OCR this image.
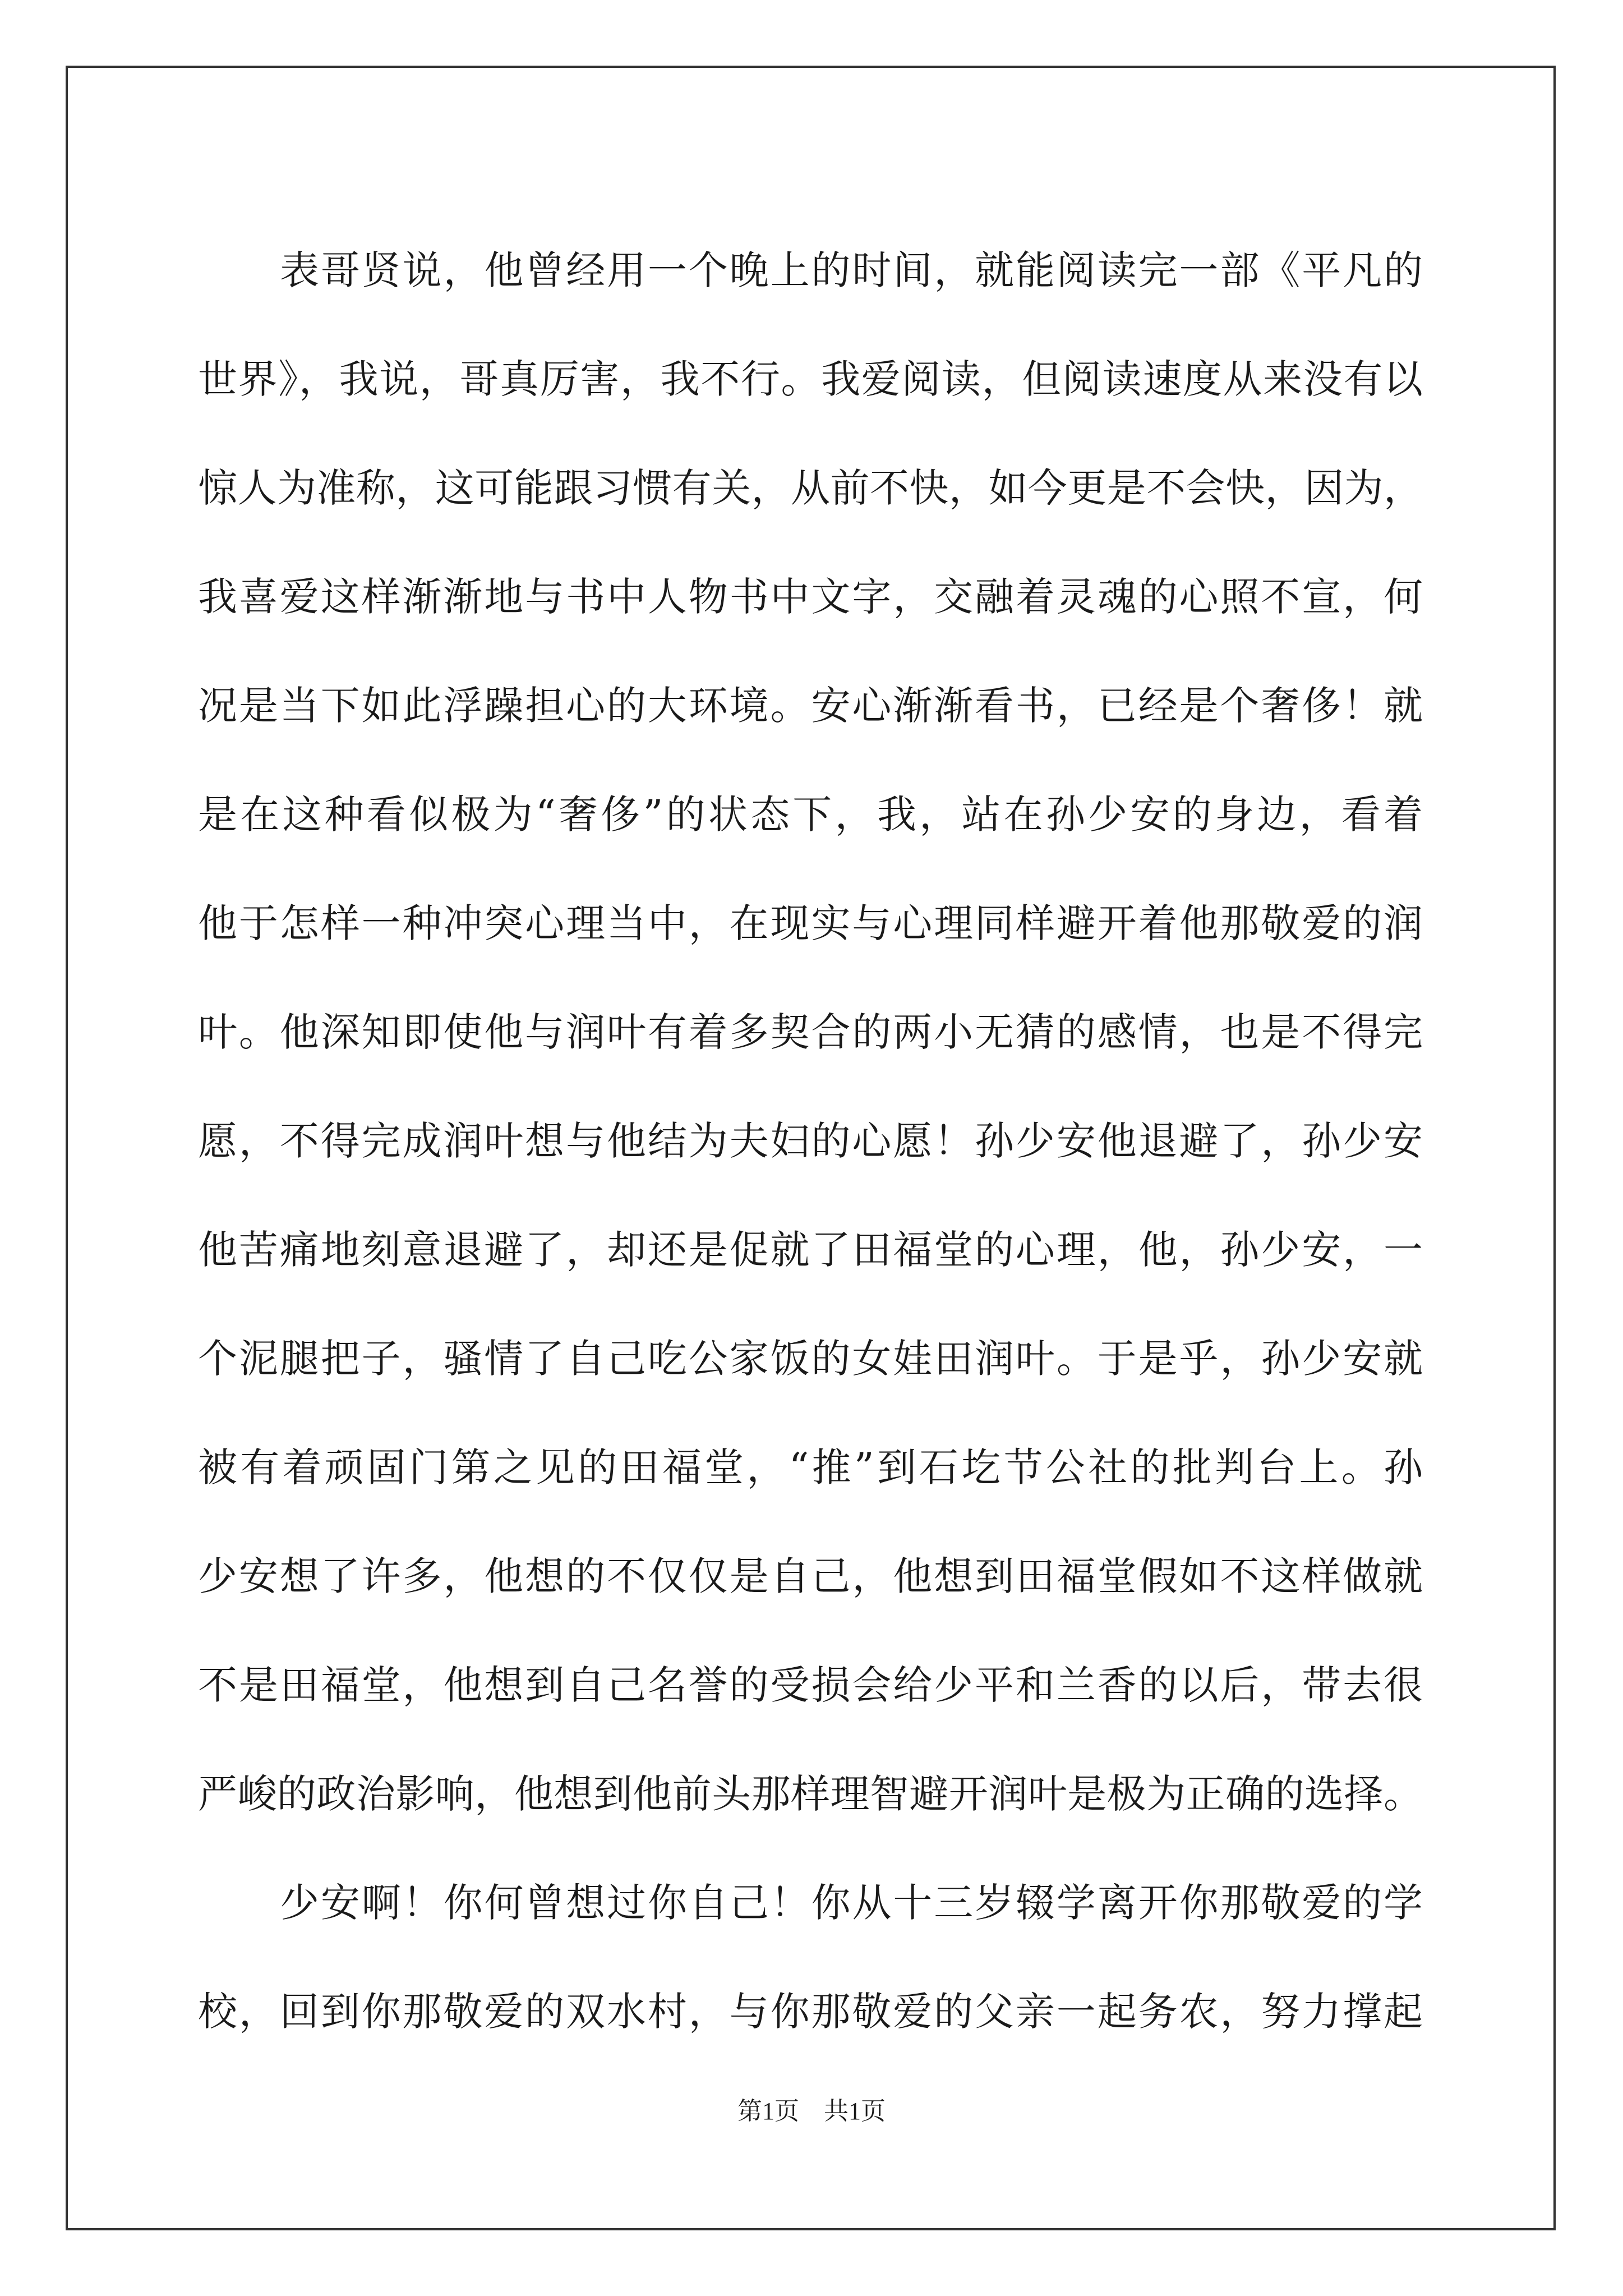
表哥贤说，他曾经用一个晚上的时间，就能阅读完一部《平凡的
世界》，我说，哥真厉害，我不行。我爱阅读，但阅读速度从来没有以
惊人为准称，这可能跟习惯有关，从前不快，如今更是不会快，因为，
我喜爱这样渐渐地与书中人物书中文字，交融着灵魂的心照不宣，何
况是当下如此浮躁担心的大环境。安心渐渐看书，已经是个奢侈！就
是在这种看似极为“奢侈”的状态下，我，站在孙少安的身边，看着
他于怎样一种冲突心理当中，在现实与心理同样避开着他那敬爱的润
叶。他深知即使他与润叶有着多契合的两小无猜的感情，也是不得完
愿，不得完成润叶想与他结为夫妇的心愿！孙少安他退避了，孙少安
他苦痛地刻意退避了，却还是促就了田福堂的心理，他，孙少安，一
个泥腿把子，骚情了自己吃公家饭的女娃田润叶。于是乎，孙少安就
被有着顽固门第之见的田福堂，“推”到石圪节公社的批判台上。孙
少安想了许多，他想的不仅仅是自己，他想到田福堂假如不这样做就
不是田福堂，他想到自己名誉的受损会给少平和兰香的以后，带去很
严峻的政治影响，他想到他前头那样理智避开润叶是极为正确的选择。
少安啊！你何曾想过你自己！你从十三岁辍学离开你那敬爱的学
校，回到你那敬爱的双水村，与你那敬爱的父亲一起务农，努力撑起
第1页　共1页
